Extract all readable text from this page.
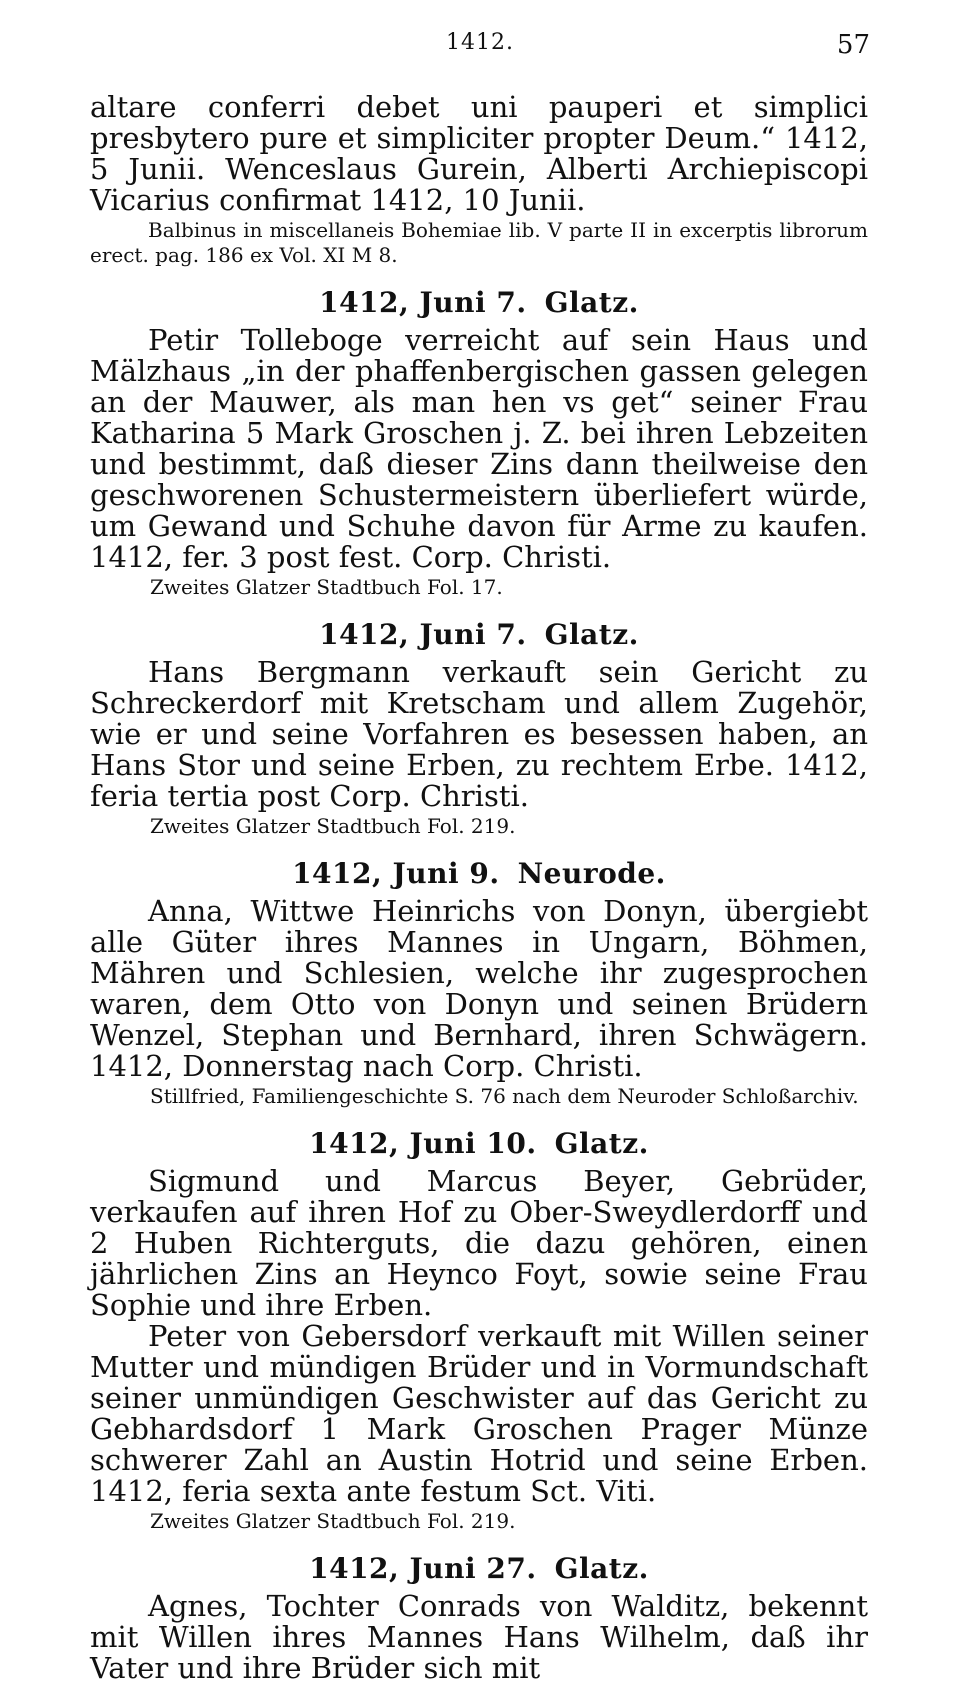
1412.	57

altare conferri debet uni pauperi et simplici presbytero pure et simpliciter propter Deum.“ 1412, 5 Junii. Wenceslaus Gurein, Alberti Archiepiscopi Vicarius confirmat 1412, 10 Junii.

Balbinus in miscellaneis Bohemiae lib. V parte II in excerptis librorum erect. pag. 186 ex Vol. XI M 8.

1412, Juni 7. Glatz.

Petir Tolleboge verreicht auf sein Haus und Mälzhaus „in der phaffenbergischen gassen gelegen an der Mauwer, als man hen vs get“ seiner Frau Katharina 5 Mark Groschen j. Z. bei ihren Lebzeiten und bestimmt, daß dieser Zins dann theilweise den geschworenen Schustermeistern überliefert würde, um Gewand und Schuhe davon für Arme zu kaufen. 1412, fer. 3 post fest. Corp. Christi.

Zweites Glatzer Stadtbuch Fol. 17.

1412, Juni 7. Glatz.

Hans Bergmann verkauft sein Gericht zu Schreckerdorf mit Kretscham und allem Zugehör, wie er und seine Vorfahren es besessen haben, an Hans Stor und seine Erben, zu rechtem Erbe. 1412, feria tertia post Corp. Christi.

Zweites Glatzer Stadtbuch Fol. 219.

1412, Juni 9. Neurode.

Anna, Wittwe Heinrichs von Donyn, übergiebt alle Güter ihres Mannes in Ungarn, Böhmen, Mähren und Schlesien, welche ihr zugesprochen waren, dem Otto von Donyn und seinen Brüdern Wenzel, Stephan und Bernhard, ihren Schwägern. 1412, Donnerstag nach Corp. Christi.

Stillfried, Familiengeschichte S. 76 nach dem Neuroder Schloßarchiv.

1412, Juni 10. Glatz.

Sigmund und Marcus Beyer, Gebrüder, verkaufen auf ihren Hof zu Ober-Sweydlerdorff und 2 Huben Richterguts, die dazu gehören, einen jährlichen Zins an Heynco Foyt, sowie seine Frau Sophie und ihre Erben.

Peter von Gebersdorf verkauft mit Willen seiner Mutter und mündigen Brüder und in Vormundschaft seiner unmündigen Geschwister auf das Gericht zu Gebhardsdorf 1 Mark Groschen Prager Münze schwerer Zahl an Austin Hotrid und seine Erben. 1412, feria sexta ante festum Sct. Viti.

Zweites Glatzer Stadtbuch Fol. 219.

1412, Juni 27. Glatz.

Agnes, Tochter Conrads von Walditz, bekennt mit Willen ihres Mannes Hans Wilhelm, daß ihr Vater und ihre Brüder sich mit
